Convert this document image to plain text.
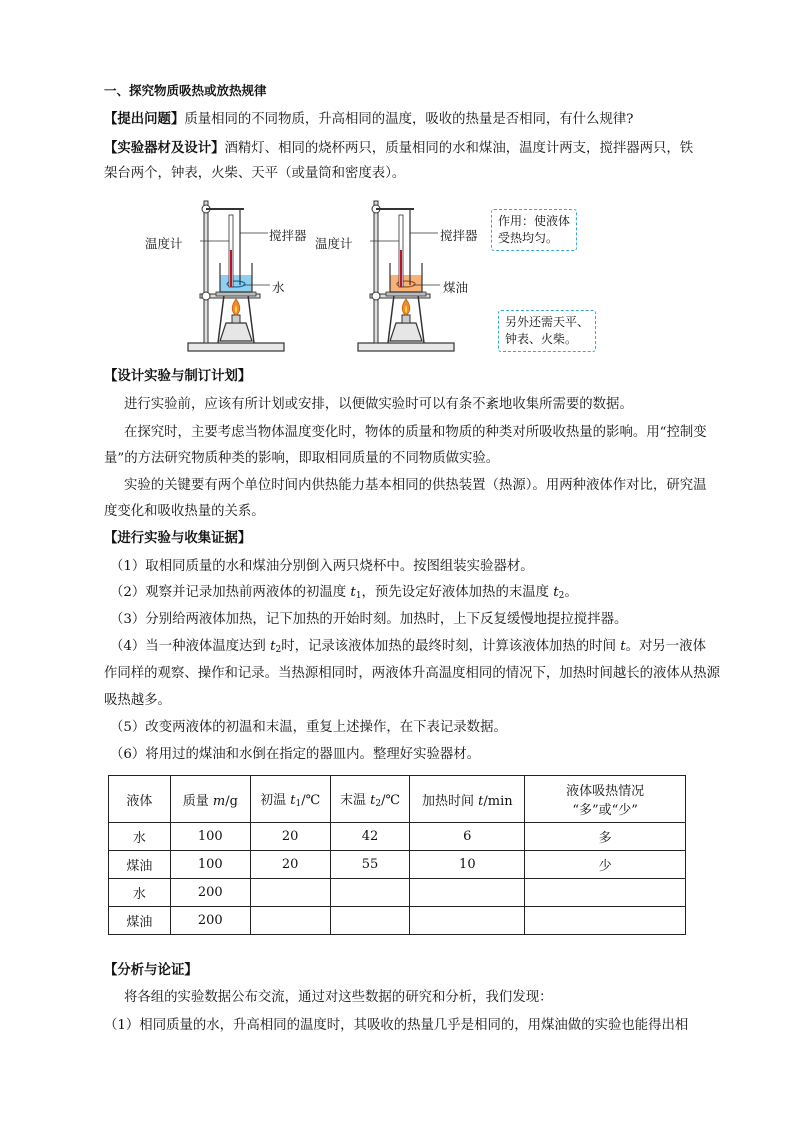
一、探究物质吸热或放热规律
【提出问题】质量相同的不同物质，升高相同的温度，吸收的热量是否相同，有什么规律?
【实验器材及设计】酒精灯、相同的烧杯两只，质量相同的水和煤油，温度计两支，搅拌器两只，铁
架台两个，钟表，火柴、天平（或量筒和密度表）。
温度计
搅拌器
水
温度计
搅拌器
煤油
作用：使液体
受热均匀。
另外还需天平、
钟表、火柴。
【设计实验与制订计划】
进行实验前，应该有所计划或安排，以便做实验时可以有条不紊地收集所需要的数据。
在探究时，主要考虑当物体温度变化时，物体的质量和物质的种类对所吸收热量的影响。用“控制变
量”的方法研究物质种类的影响，即取相同质量的不同物质做实验。
实验的关键要有两个单位时间内供热能力基本相同的供热装置（热源）。用两种液体作对比，研究温
度变化和吸收热量的关系。
【进行实验与收集证据】
（1）取相同质量的水和煤油分别倒入两只烧杯中。按图组装实验器材。
（2）观察并记录加热前两液体的初温度 $t_1$，预先设定好液体加热的末温度 $t_2$。
（3）分别给两液体加热，记下加热的开始时刻。加热时，上下反复缓慢地提拉搅拌器。
（4）当一种液体温度达到 $t_2$时，记录该液体加热的最终时刻，计算该液体加热的时间 t。对另一液体
作同样的观察、操作和记录。当热源相同时，两液体升高温度相同的情况下，加热时间越长的液体从热源
吸热越多。
（5）改变两液体的初温和末温，重复上述操作，在下表记录数据。
（6）将用过的煤油和水倒在指定的器皿内。整理好实验器材。
液体	质量 m/g	初温 $t_1/℃$	末温 $t_2/℃$	加热时间 t/min	液体吸热情况
“多”或“少”

水	100	20	42	6	多
煤油	100	20	55	10	少
水	200				
煤油	200				
【分析与论证】
将各组的实验数据公布交流，通过对这些数据的研究和分析，我们发现：
（1）相同质量的水，升高相同的温度时，其吸收的热量几乎是相同的，用煤油做的实验也能得出相
